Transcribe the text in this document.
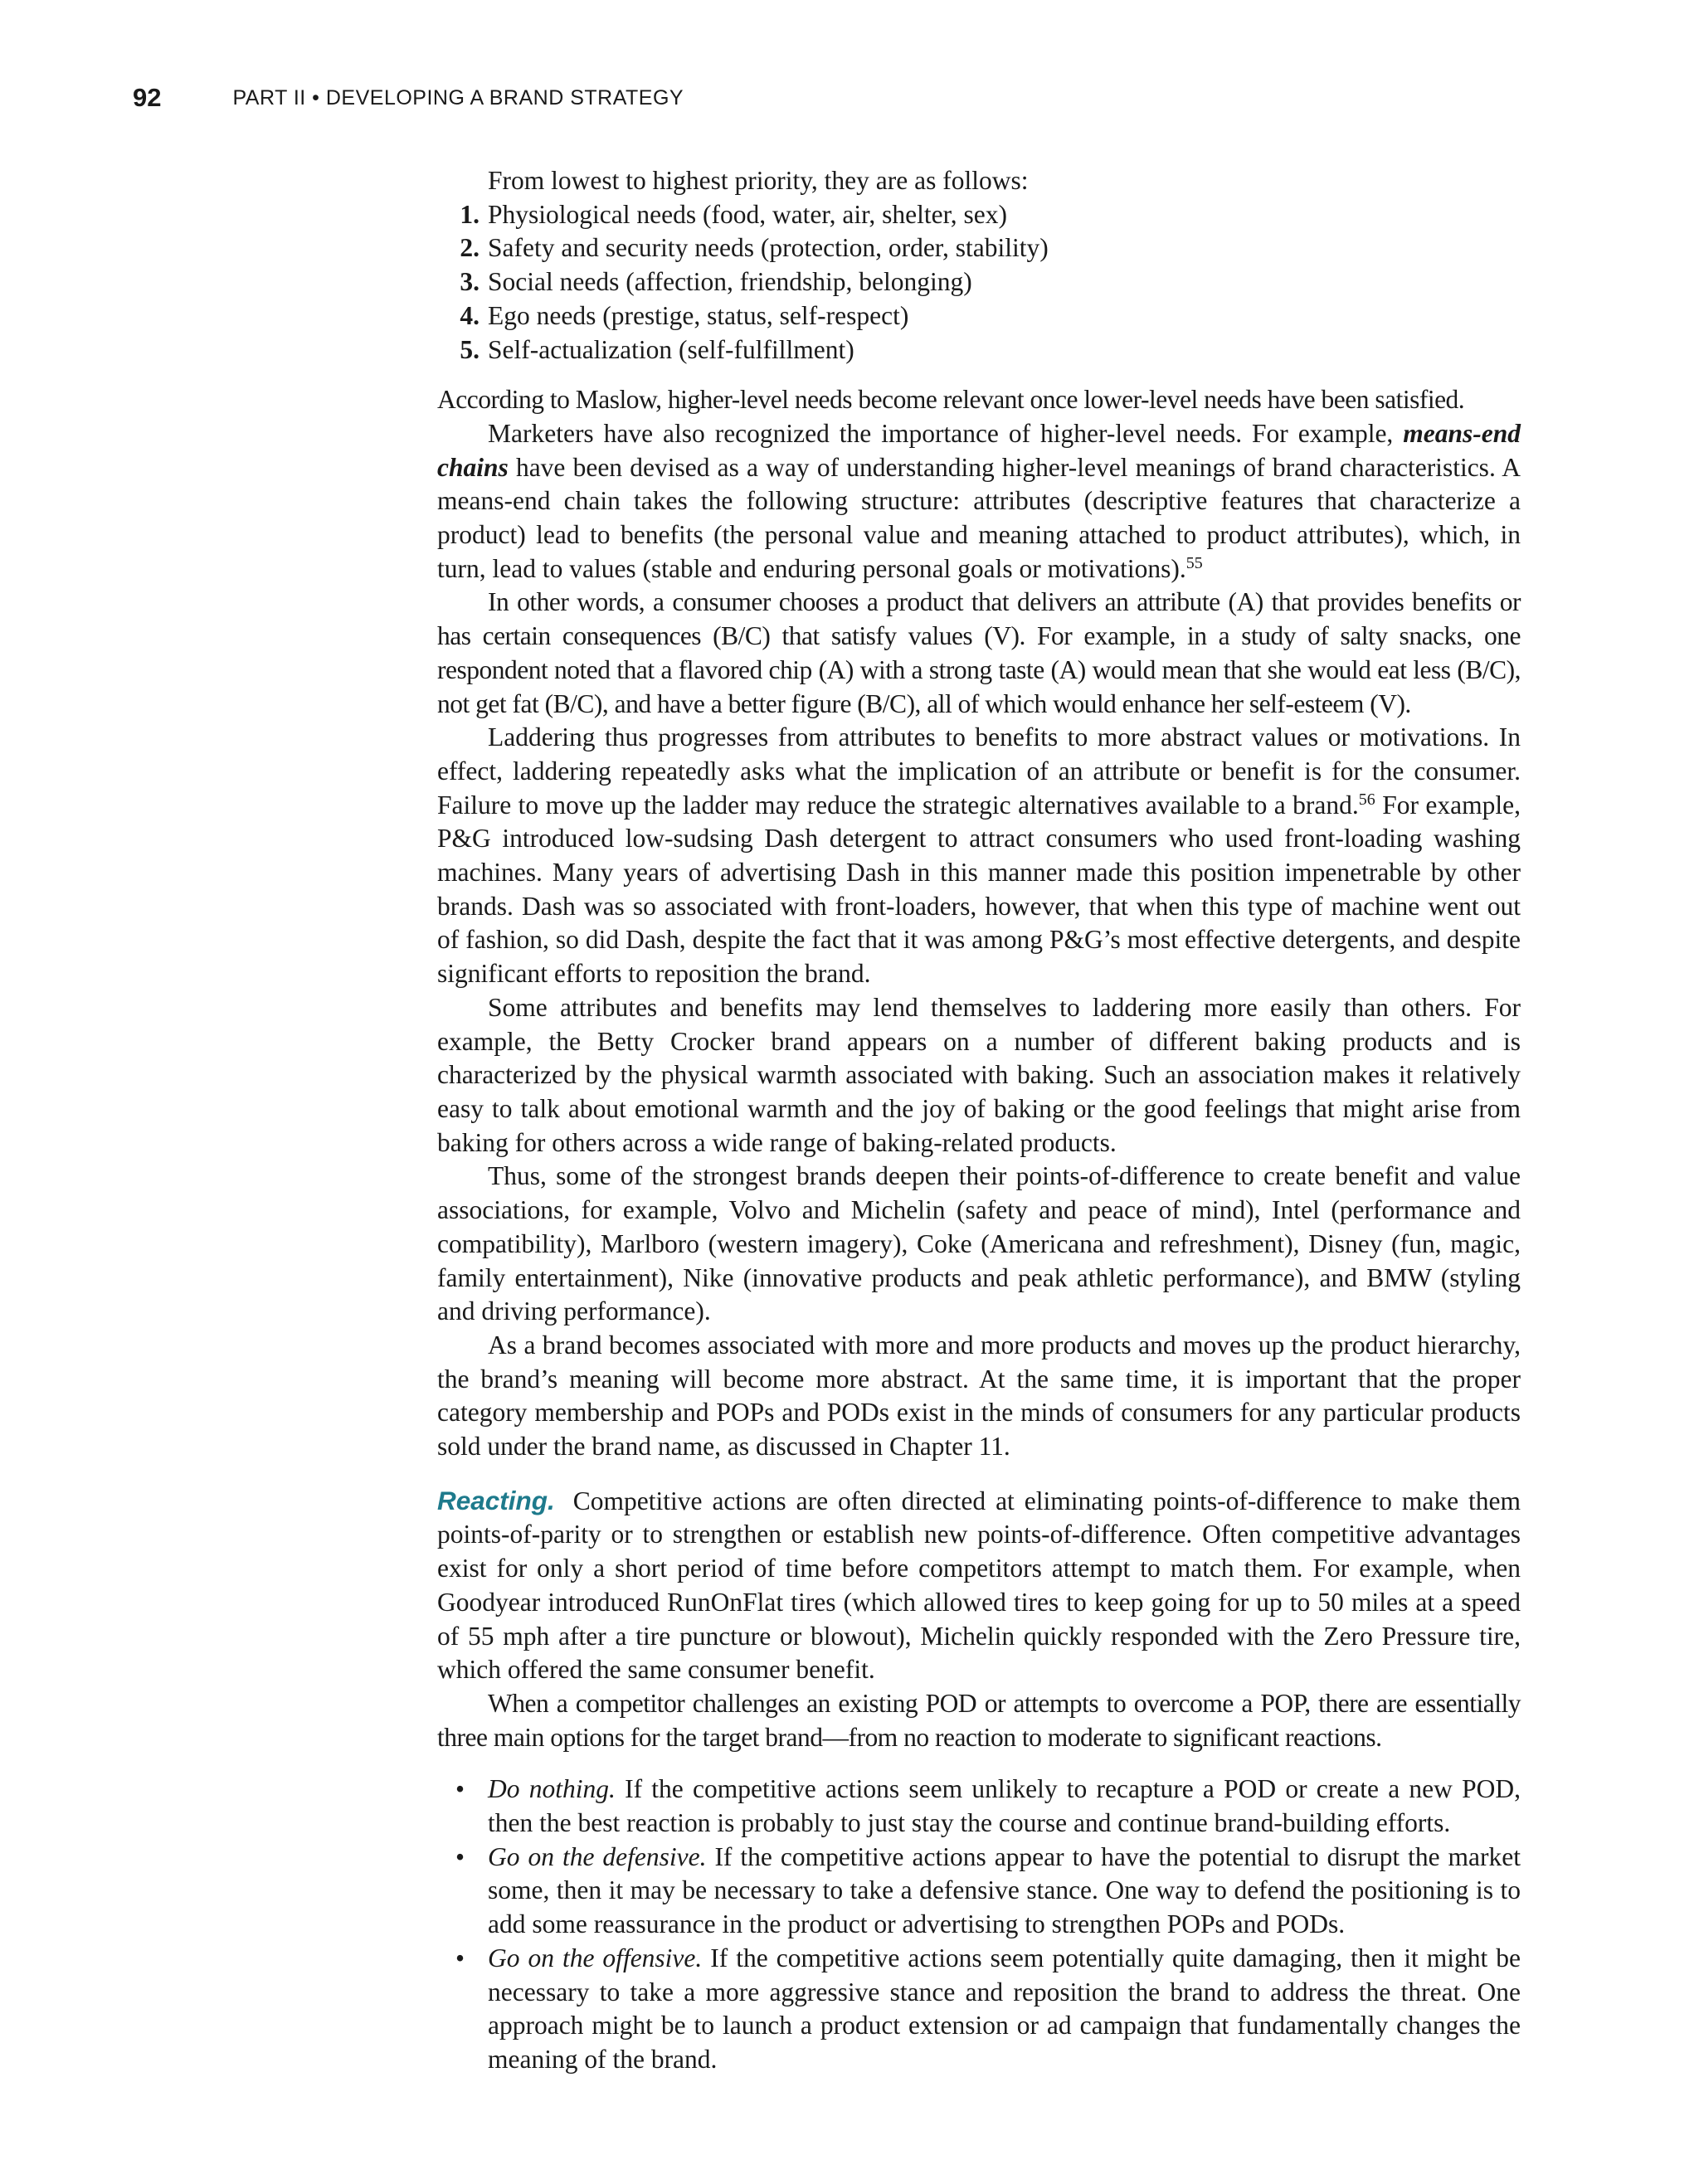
92	PART II • DEVELOPING A BRAND STRATEGY

From lowest to highest priority, they are as follows:

1. Physiological needs (food, water, air, shelter, sex)
2. Safety and security needs (protection, order, stability)
3. Social needs (affection, friendship, belonging)
4. Ego needs (prestige, status, self-respect)
5. Self-actualization (self-fulfillment)

According to Maslow, higher-level needs become relevant once lower-level needs have been satisfied.

Marketers have also recognized the importance of higher-level needs. For example, means-end chains have been devised as a way of understanding higher-level meanings of brand characteristics. A means-end chain takes the following structure: attributes (descriptive features that characterize a product) lead to benefits (the personal value and meaning attached to product attributes), which, in turn, lead to values (stable and enduring personal goals or motivations).$^{55}$

In other words, a consumer chooses a product that delivers an attribute (A) that provides benefits or has certain consequences (B/C) that satisfy values (V). For example, in a study of salty snacks, one respondent noted that a flavored chip (A) with a strong taste (A) would mean that she would eat less (B/C), not get fat (B/C), and have a better figure (B/C), all of which would enhance her self-esteem (V).

Laddering thus progresses from attributes to benefits to more abstract values or motivations. In effect, laddering repeatedly asks what the implication of an attribute or benefit is for the consumer. Failure to move up the ladder may reduce the strategic alternatives available to a brand.$^{56}$ For example, P&G introduced low-sudsing Dash detergent to attract consumers who used front-loading washing machines. Many years of advertising Dash in this manner made this position impenetrable by other brands. Dash was so associated with front-loaders, however, that when this type of machine went out of fashion, so did Dash, despite the fact that it was among P&G’s most effective detergents, and despite significant efforts to reposition the brand.

Some attributes and benefits may lend themselves to laddering more easily than others. For example, the Betty Crocker brand appears on a number of different baking products and is characterized by the physical warmth associated with baking. Such an association makes it relatively easy to talk about emotional warmth and the joy of baking or the good feelings that might arise from baking for others across a wide range of baking-related products.

Thus, some of the strongest brands deepen their points-of-difference to create benefit and value associations, for example, Volvo and Michelin (safety and peace of mind), Intel (performance and compatibility), Marlboro (western imagery), Coke (Americana and refreshment), Disney (fun, magic, family entertainment), Nike (innovative products and peak athletic performance), and BMW (styling and driving performance).

As a brand becomes associated with more and more products and moves up the product hierarchy, the brand’s meaning will become more abstract. At the same time, it is important that the proper category membership and POPs and PODs exist in the minds of consumers for any particular products sold under the brand name, as discussed in Chapter 11.

Reacting. Competitive actions are often directed at eliminating points-of-difference to make them points-of-parity or to strengthen or establish new points-of-difference. Often competitive advantages exist for only a short period of time before competitors attempt to match them. For example, when Goodyear introduced RunOnFlat tires (which allowed tires to keep going for up to 50 miles at a speed of 55 mph after a tire puncture or blowout), Michelin quickly responded with the Zero Pressure tire, which offered the same consumer benefit.

When a competitor challenges an existing POD or attempts to overcome a POP, there are essentially three main options for the target brand—from no reaction to moderate to significant reactions.

• Do nothing. If the competitive actions seem unlikely to recapture a POD or create a new POD, then the best reaction is probably to just stay the course and continue brand-building efforts.
• Go on the defensive. If the competitive actions appear to have the potential to disrupt the market some, then it may be necessary to take a defensive stance. One way to defend the positioning is to add some reassurance in the product or advertising to strengthen POPs and PODs.
• Go on the offensive. If the competitive actions seem potentially quite damaging, then it might be necessary to take a more aggressive stance and reposition the brand to address the threat. One approach might be to launch a product extension or ad campaign that fundamentally changes the meaning of the brand.
